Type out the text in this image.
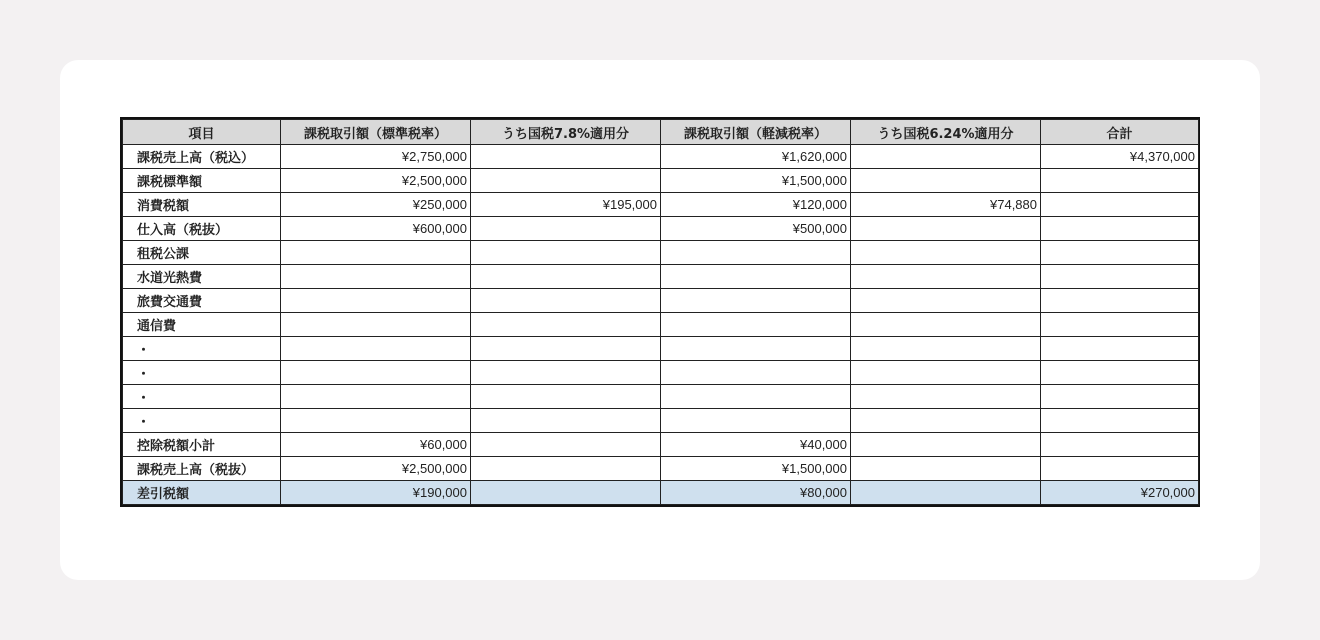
項目	課税取引額（標準税率）	うち国税7.8%適用分	課税取引額（軽減税率）	うち国税6.24%適用分	合計
課税売上高（税込）	¥2,750,000		¥1,620,000		¥4,370,000
課税標準額	¥2,500,000		¥1,500,000		
消費税額	¥250,000	¥195,000	¥120,000	¥74,880	
仕入高（税抜）	¥600,000		¥500,000		
租税公課					
水道光熱費					
旅費交通費					
通信費					
・					
・					
・					
・					
控除税額小計	¥60,000		¥40,000		
課税売上高（税抜）	¥2,500,000		¥1,500,000		
差引税額	¥190,000		¥80,000		¥270,000
